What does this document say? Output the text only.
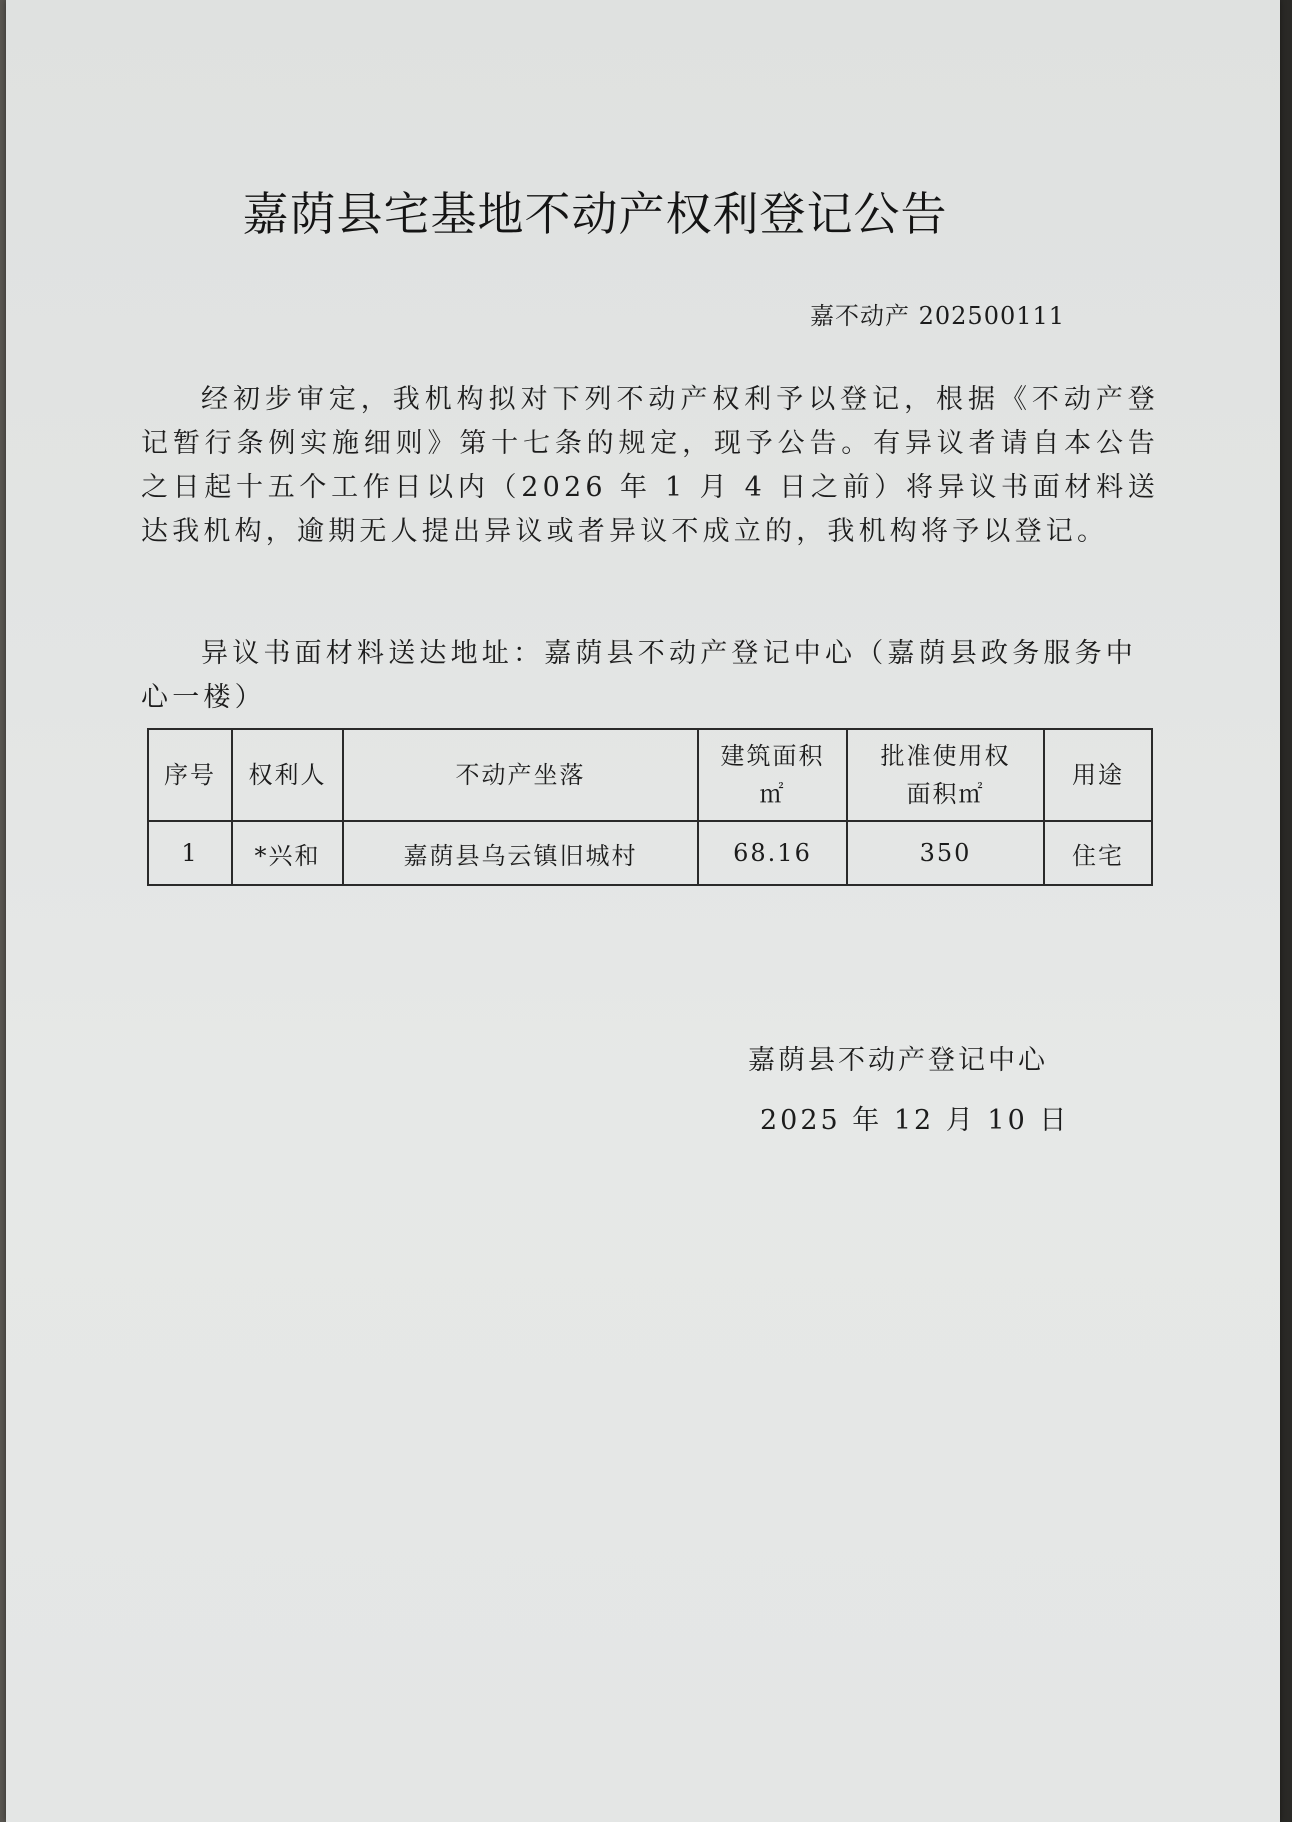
嘉荫县宅基地不动产权利登记公告
嘉不动产 202500111

经初步审定，我机构拟对下列不动产权利予以登记，根据《不动产登记暂行条例实施细则》第十七条的规定，现予公告。有异议者请自本公告之日起十五个工作日以内（2026 年 1 月 4 日之前）将异议书面材料送达我机构，逾期无人提出异议或者异议不成立的，我机构将予以登记。

异议书面材料送达地址：嘉荫县不动产登记中心（嘉荫县政务服务中心一楼）

序号	权利人	不动产坐落	建筑面积㎡	批准使用权面积㎡	用途
1	*兴和	嘉荫县乌云镇旧城村	68.16	350	住宅
嘉荫县不动产登记中心
2025 年 12 月 10 日
